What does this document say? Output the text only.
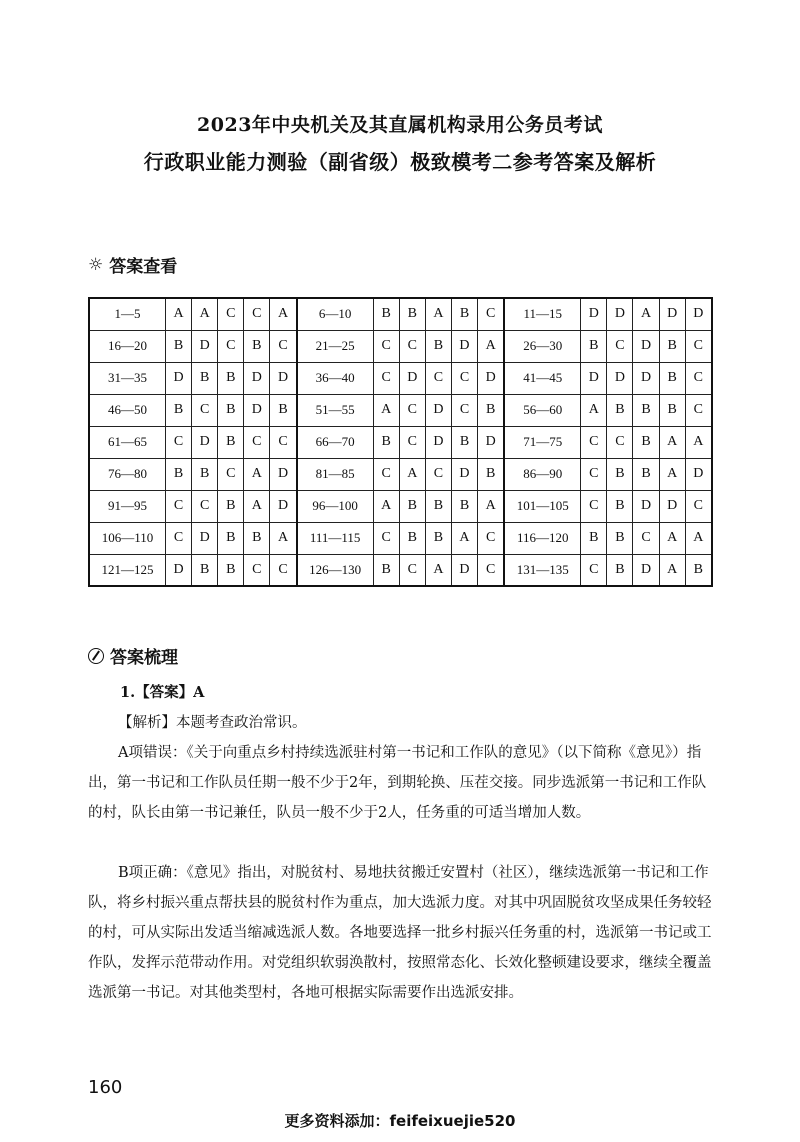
2023年中央机关及其直属机构录用公务员考试
行政职业能力测验（副省级）极致模考二参考答案及解析
☼ 答案查看
1—5	A	A	C	C	A	6—10	B	B	A	B	C	11—15	D	D	A	D	D
16—20	B	D	C	B	C	21—25	C	C	B	D	A	26—30	B	C	D	B	C
31—35	D	B	B	D	D	36—40	C	D	C	C	D	41—45	D	D	D	B	C
46—50	B	C	B	D	B	51—55	A	C	D	C	B	56—60	A	B	B	B	C
61—65	C	D	B	C	C	66—70	B	C	D	B	D	71—75	C	C	B	A	A
76—80	B	B	C	A	D	81—85	C	A	C	D	B	86—90	C	B	B	A	D
91—95	C	C	B	A	D	96—100	A	B	B	B	A	101—105	C	B	D	D	C
106—110	C	D	B	B	A	111—115	C	B	B	A	C	116—120	B	B	C	A	A
121—125	D	B	B	C	C	126—130	B	C	A	D	C	131—135	C	B	D	A	B
答案梳理
1.【答案】A
【解析】本题考查政治常识。
A项错误：《关于向重点乡村持续选派驻村第一书记和工作队的意见》（以下简称《意见》）指出，第一书记和工作队员任期一般不少于2年，到期轮换、压茬交接。同步选派第一书记和工作队的村，队长由第一书记兼任，队员一般不少于2人，任务重的可适当增加人数。
B项正确：《意见》指出，对脱贫村、易地扶贫搬迁安置村（社区），继续选派第一书记和工作队，将乡村振兴重点帮扶县的脱贫村作为重点，加大选派力度。对其中巩固脱贫攻坚成果任务较轻的村，可从实际出发适当缩减选派人数。各地要选择一批乡村振兴任务重的村，选派第一书记或工作队，发挥示范带动作用。对党组织软弱涣散村，按照常态化、长效化整顿建设要求，继续全覆盖选派第一书记。对其他类型村，各地可根据实际需要作出选派安排。
160
更多资料添加：feifeixuejie520
